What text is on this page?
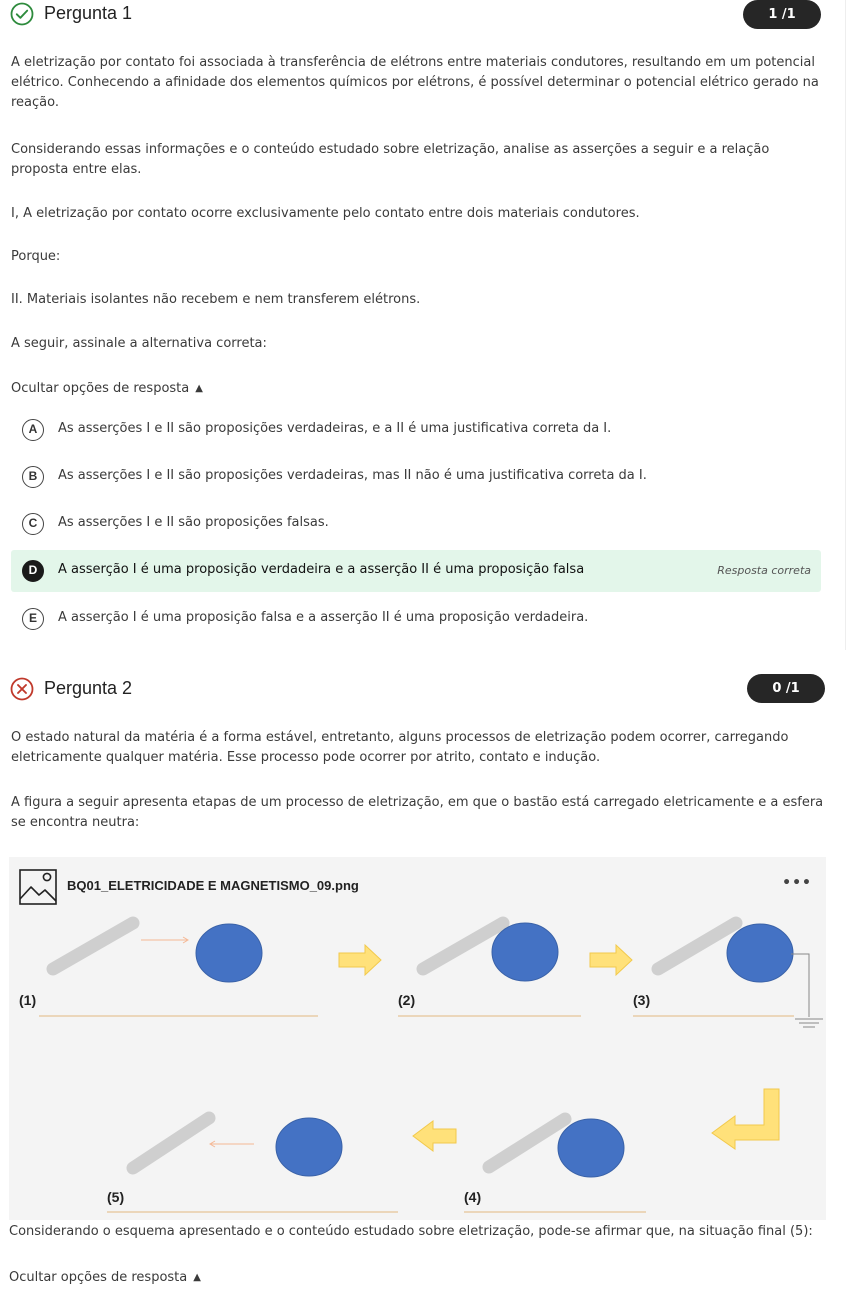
Pergunta 1	1 /1
A eletrização por contato foi associada à transferência de elétrons entre materiais condutores, resultando em um potencial elétrico. Conhecendo a afinidade dos elementos químicos por elétrons, é possível determinar o potencial elétrico gerado na reação.
Considerando essas informações e o conteúdo estudado sobre eletrização, analise as asserções a seguir e a relação proposta entre elas.
I, A eletrização por contato ocorre exclusivamente pelo contato entre dois materiais condutores.
Porque:
II. Materiais isolantes não recebem e nem transferem elétrons.
A seguir, assinale a alternativa correta:
Ocultar opções de resposta ▲
A	As asserções I e II são proposições verdadeiras, e a II é uma justificativa correta da I.
B	As asserções I e II são proposições verdadeiras, mas II não é uma justificativa correta da I.
C	As asserções I e II são proposições falsas.
D	A asserção I é uma proposição verdadeira e a asserção II é uma proposição falsa	Resposta correta
E	A asserção I é uma proposição falsa e a asserção II é uma proposição verdadeira.
Pergunta 2	0 /1
O estado natural da matéria é a forma estável, entretanto, alguns processos de eletrização podem ocorrer, carregando eletricamente qualquer matéria. Esse processo pode ocorrer por atrito, contato e indução.
A figura a seguir apresenta etapas de um processo de eletrização, em que o bastão está carregado eletricamente e a esfera se encontra neutra:
BQ01_ELETRICIDADE E MAGNETISMO_09.png	•••
(1)	(2)	(3)
(4)
(5)
Considerando o esquema apresentado e o conteúdo estudado sobre eletrização, pode-se afirmar que, na situação final (5):
Ocultar opções de resposta ▲
